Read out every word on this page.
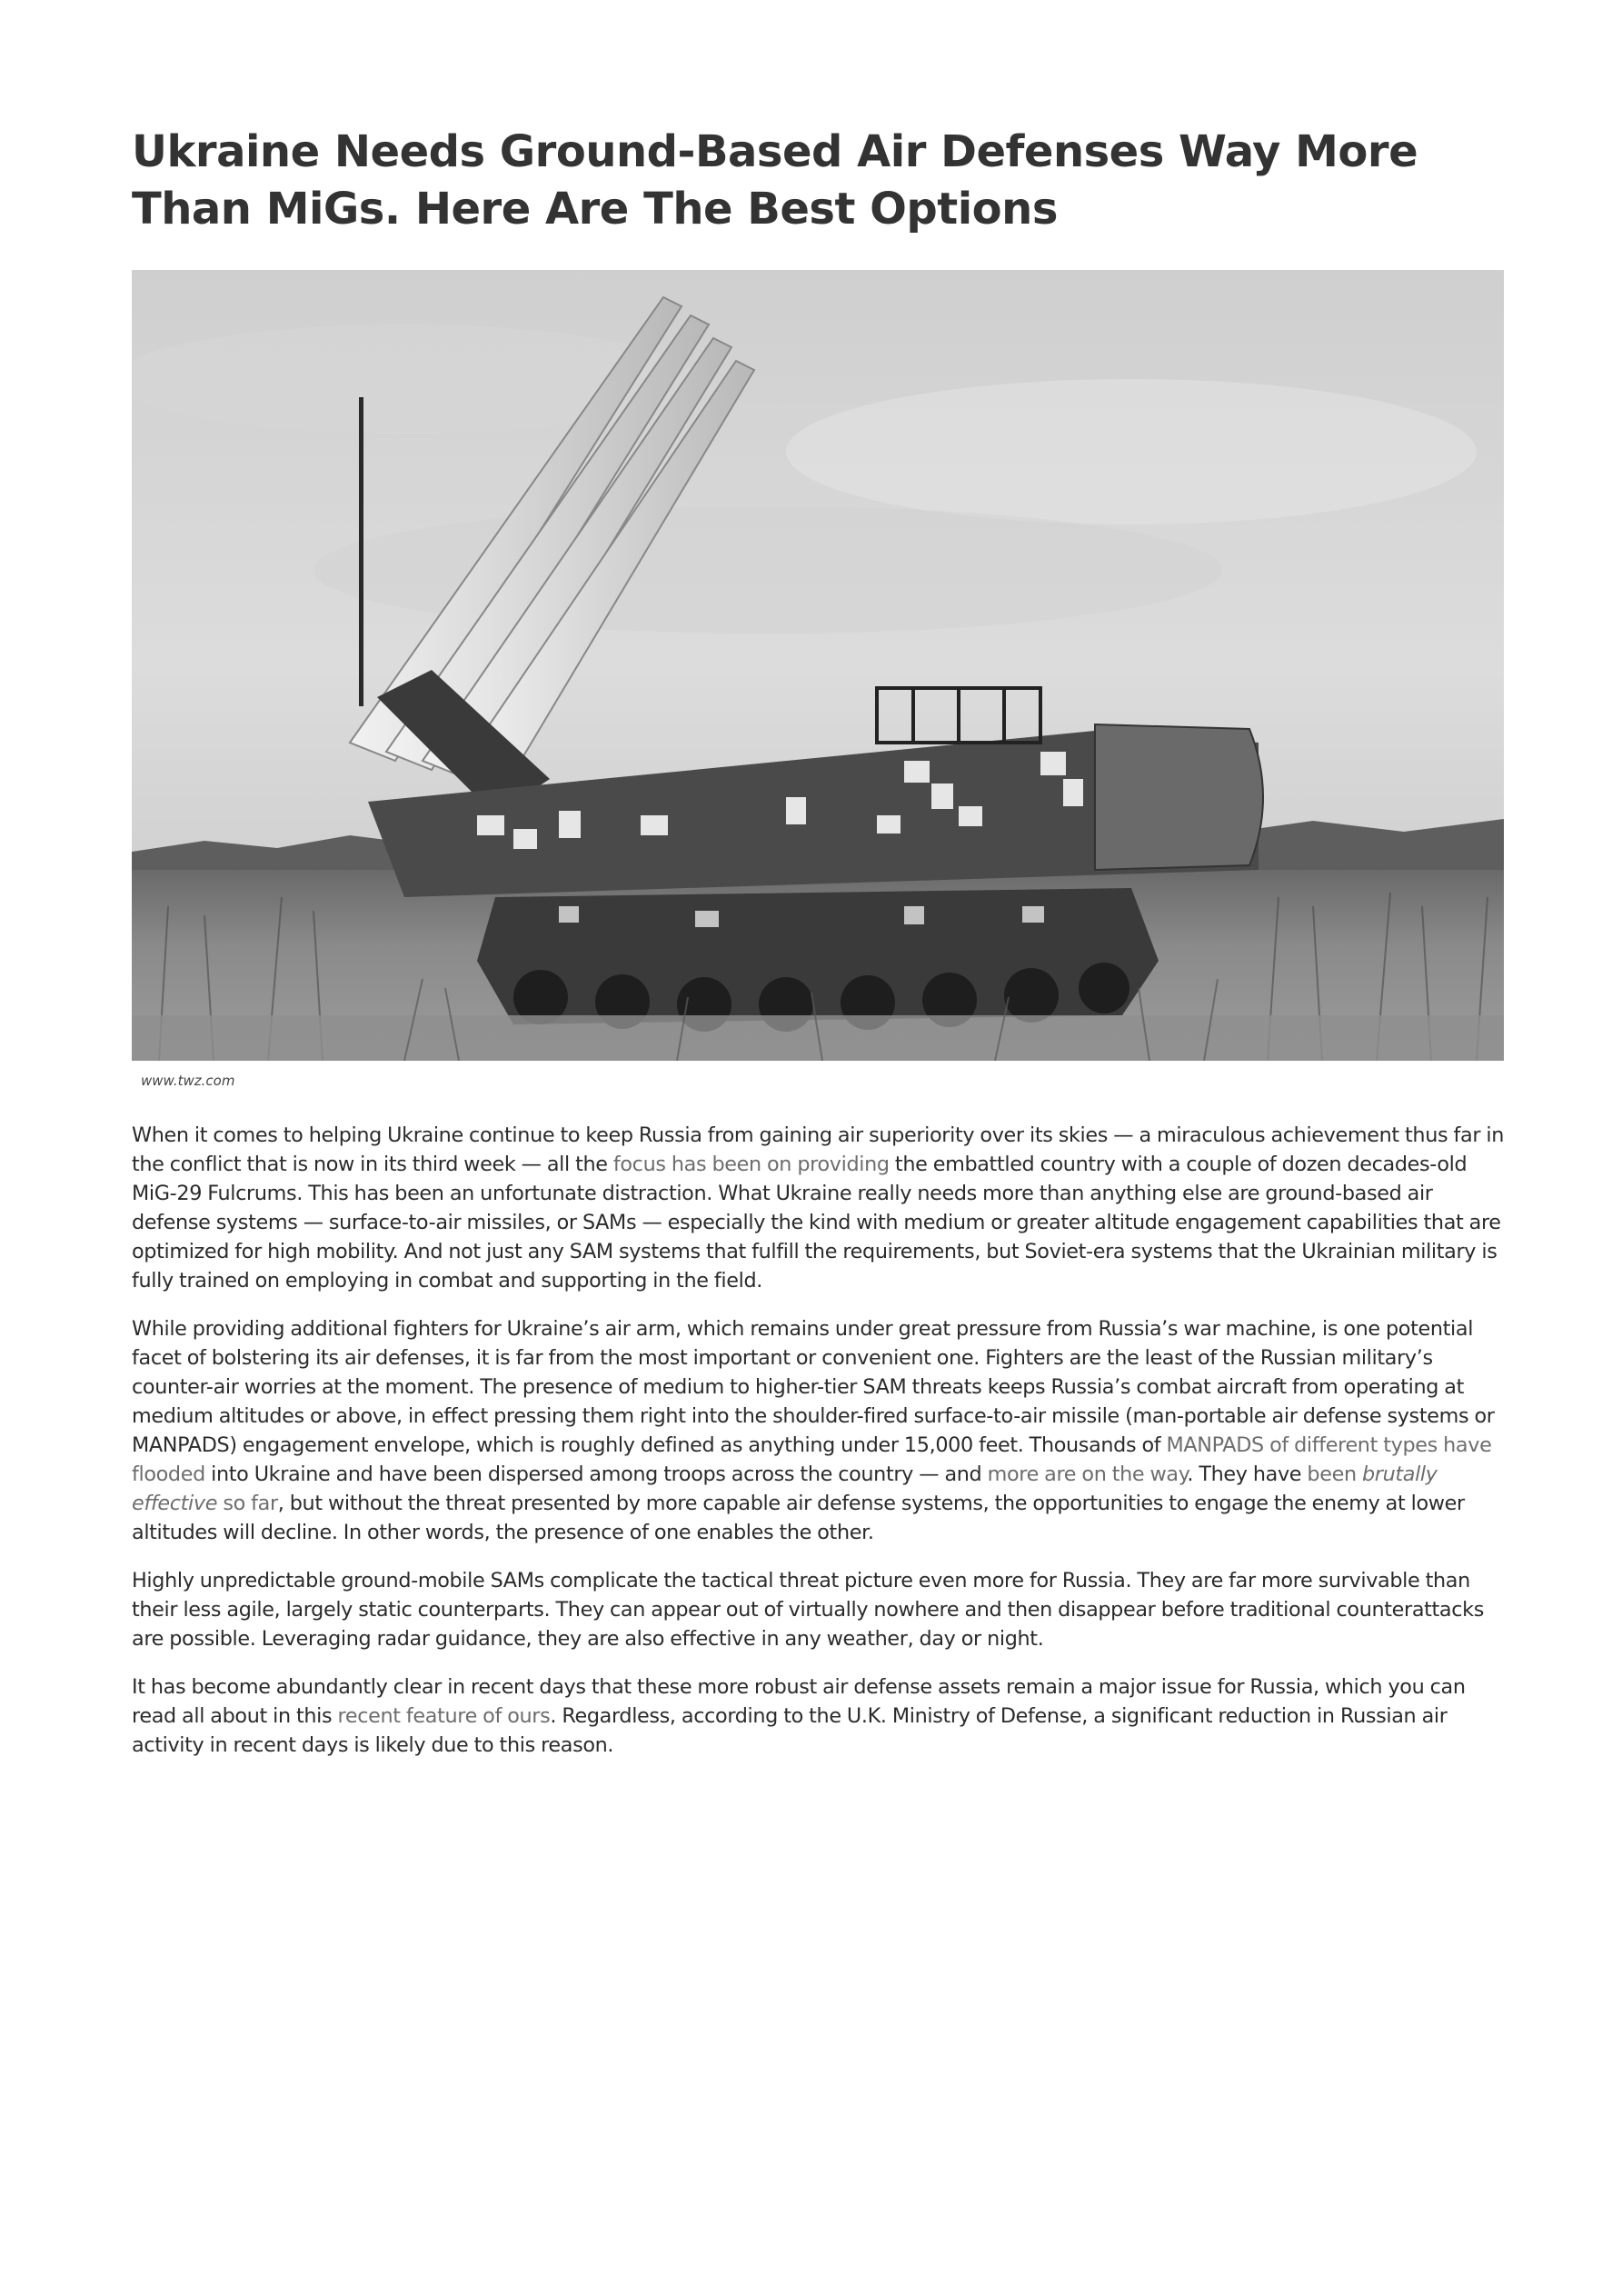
Ukraine Needs Ground-Based Air Defenses Way More Than MiGs. Here Are The Best Options
www.twz.com

When it comes to helping Ukraine continue to keep Russia from gaining air superiority over its skies — a miraculous achievement thus far in the conflict that is now in its third week — all the focus has been on providing the embattled country with a couple of dozen decades-old MiG-29 Fulcrums. This has been an unfortunate distraction. What Ukraine really needs more than anything else are ground-based air defense systems — surface-to-air missiles, or SAMs — especially the kind with medium or greater altitude engagement capabilities that are optimized for high mobility. And not just any SAM systems that fulfill the requirements, but Soviet-era systems that the Ukrainian military is fully trained on employing in combat and supporting in the field.

While providing additional fighters for Ukraine’s air arm, which remains under great pressure from Russia’s war machine, is one potential facet of bolstering its air defenses, it is far from the most important or convenient one. Fighters are the least of the Russian military’s counter-air worries at the moment. The presence of medium to higher-tier SAM threats keeps Russia’s combat aircraft from operating at medium altitudes or above, in effect pressing them right into the shoulder-fired surface-to-air missile (man-portable air defense systems or MANPADS) engagement envelope, which is roughly defined as anything under 15,000 feet. Thousands of MANPADS of different types have flooded into Ukraine and have been dispersed among troops across the country — and more are on the way. They have been brutally effective so far, but without the threat presented by more capable air defense systems, the opportunities to engage the enemy at lower altitudes will decline. In other words, the presence of one enables the other.

Highly unpredictable ground-mobile SAMs complicate the tactical threat picture even more for Russia. They are far more survivable than their less agile, largely static counterparts. They can appear out of virtually nowhere and then disappear before traditional counterattacks are possible. Leveraging radar guidance, they are also effective in any weather, day or night.

It has become abundantly clear in recent days that these more robust air defense assets remain a major issue for Russia, which you can read all about in this recent feature of ours. Regardless, according to the U.K. Ministry of Defense, a significant reduction in Russian air activity in recent days is likely due to this reason.
